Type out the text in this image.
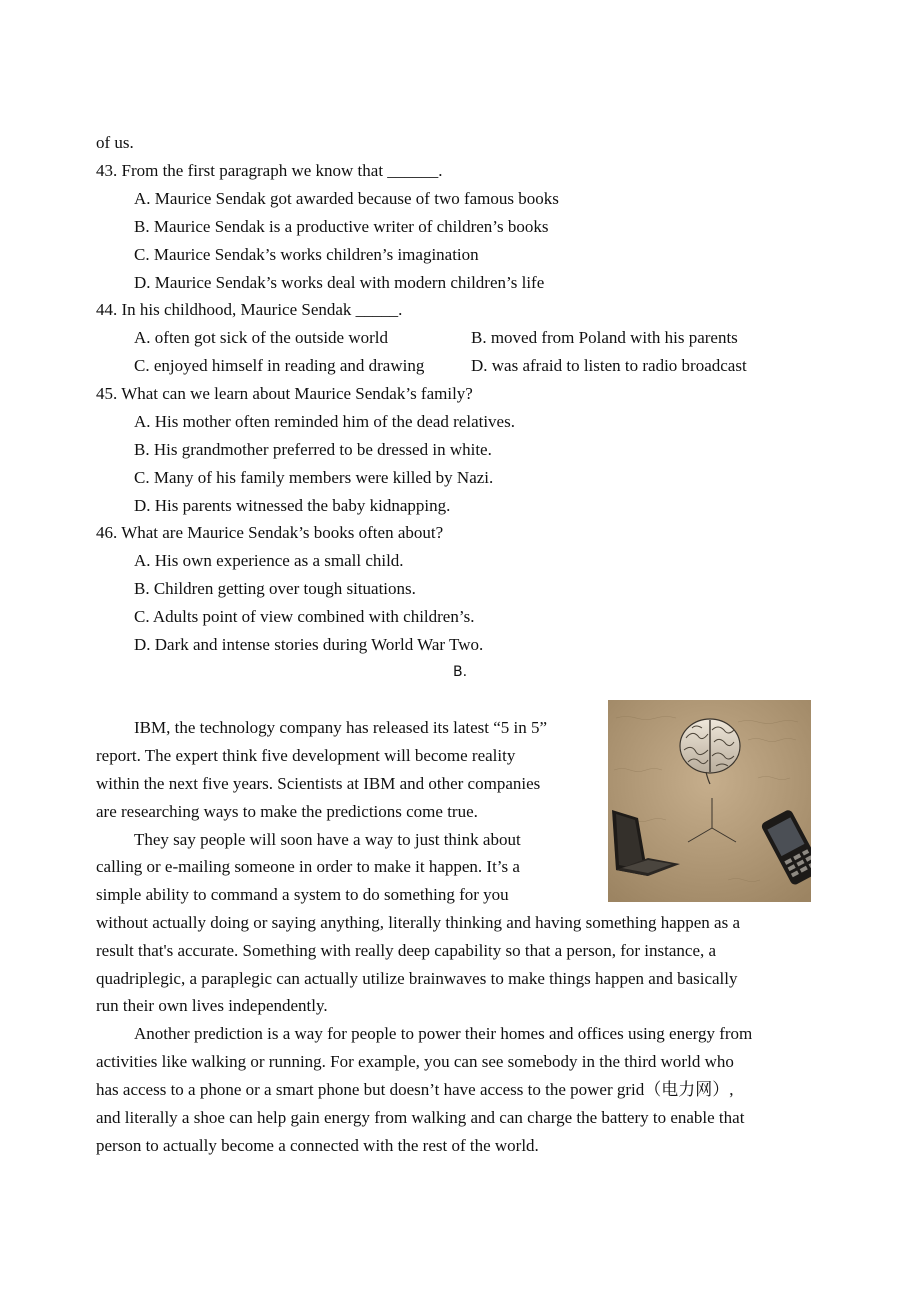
of us.
43. From the first paragraph we know that ______.
A. Maurice Sendak got awarded because of two famous books
B. Maurice Sendak is a productive writer of children’s books
C. Maurice Sendak’s works children’s imagination
D. Maurice Sendak’s works deal with modern children’s life
44. In his childhood, Maurice Sendak _____.
A. often got sick of the outside world	B. moved from Poland with his parents
C. enjoyed himself in reading and drawing	D. was afraid to listen to radio broadcast
45. What can we learn about Maurice Sendak’s family?
A. His mother often reminded him of the dead relatives.
B. His grandmother preferred to be dressed in white.
C. Many of his family members were killed by Nazi.
D. His parents witnessed the baby kidnapping.
46. What are Maurice Sendak’s books often about?
A. His own experience as a small child.
B. Children getting over tough situations.
C. Adults point of view combined with children’s.
D. Dark and intense stories during World War Two.
B.
IBM, the technology company has released its latest “5 in 5”
report. The expert think five development will become reality
within the next five years. Scientists at IBM and other companies
are researching ways to make the predictions come true.
They say people will soon have a way to just think about
calling or e-mailing someone in order to make it happen. It’s a
simple ability to command a system to do something for you
without actually doing or saying anything, literally thinking and having something happen as a
result that's accurate. Something with really deep capability so that a person, for instance, a
quadriplegic, a paraplegic can actually utilize brainwaves to make things happen and basically
run their own lives independently.
Another prediction is a way for people to power their homes and offices using energy from
activities like walking or running. For example, you can see somebody in the third world who
has access to a phone or a smart phone but doesn’t have access to the power grid（电力网）,
and literally a shoe can help gain energy from walking and can charge the battery to enable that
person to actually become a connected with the rest of the world.
